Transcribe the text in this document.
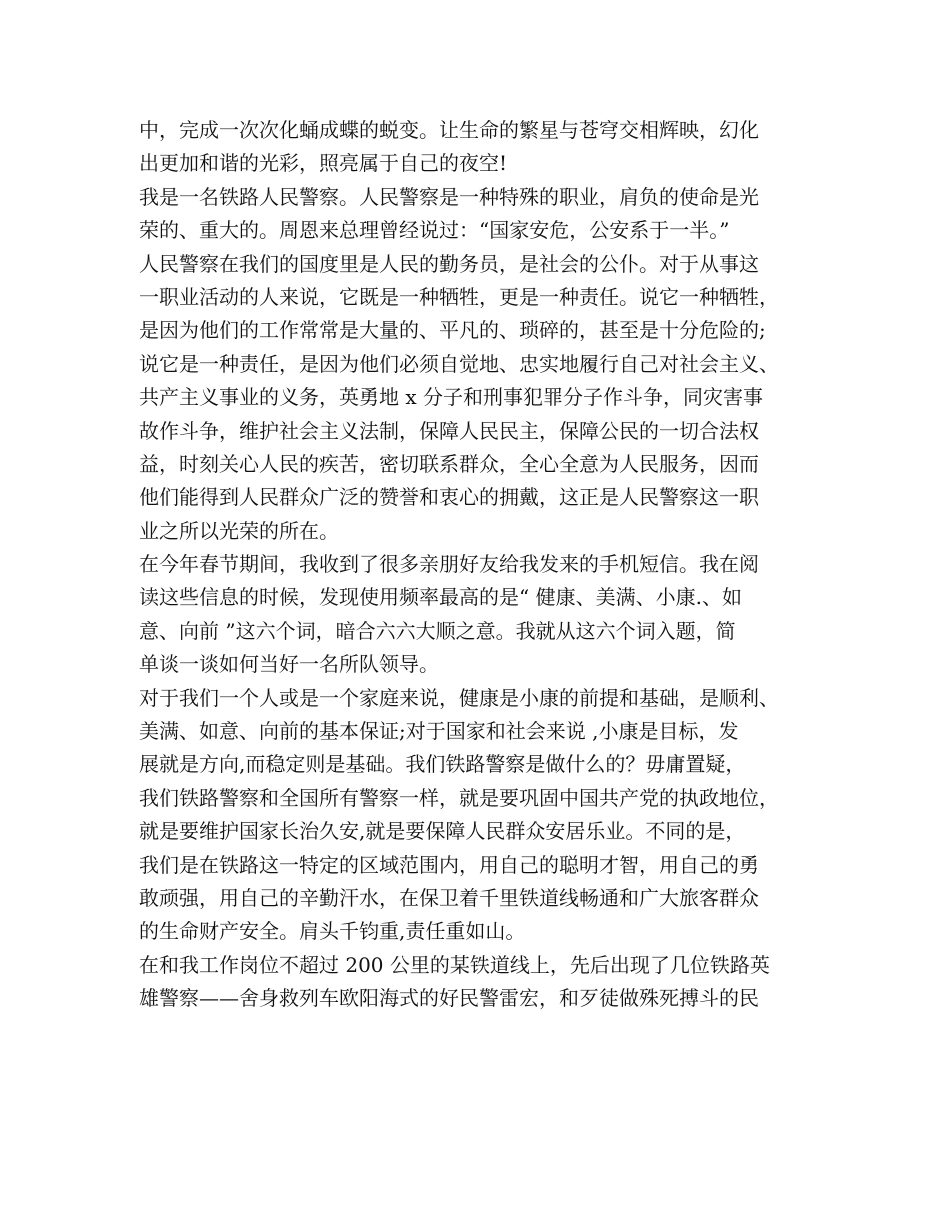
中，完成一次次化蛹成蝶的蜕变。让生命的繁星与苍穹交相辉映，幻化
出更加和谐的光彩，照亮属于自己的夜空!
我是一名铁路人民警察。人民警察是一种特殊的职业，肩负的使命是光
荣的、重大的。周恩来总理曾经说过：“国家安危，公安系于一半。”
人民警察在我们的国度里是人民的勤务员，是社会的公仆。对于从事这
一职业活动的人来说，它既是一种牺牲，更是一种责任。说它一种牺牲，
是因为他们的工作常常是大量的、平凡的、琐碎的，甚至是十分危险的;
说它是一种责任，是因为他们必须自觉地、忠实地履行自己对社会主义、
共产主义事业的义务，英勇地 x 分子和刑事犯罪分子作斗争，同灾害事
故作斗争，维护社会主义法制，保障人民民主，保障公民的一切合法权
益，时刻关心人民的疾苦，密切联系群众，全心全意为人民服务，因而
他们能得到人民群众广泛的赞誉和衷心的拥戴，这正是人民警察这一职
业之所以光荣的所在。
在今年春节期间，我收到了很多亲朋好友给我发来的手机短信。我在阅
读这些信息的时候，发现使用频率最高的是“ 健康、美满、小康.、如
意、向前 ”这六个词，暗合六六大顺之意。我就从这六个词入题，简
单谈一谈如何当好一名所队领导。
对于我们一个人或是一个家庭来说，健康是小康的前提和基础，是顺利、
美满、如意、向前的基本保证;对于国家和社会来说 ,小康是目标，发
展就是方向,而稳定则是基础。我们铁路警察是做什么的？毋庸置疑，
我们铁路警察和全国所有警察一样，就是要巩固中国共产党的执政地位，
就是要维护国家长治久安,就是要保障人民群众安居乐业。不同的是，
我们是在铁路这一特定的区域范围内，用自己的聪明才智，用自己的勇
敢顽强，用自己的辛勤汗水，在保卫着千里铁道线畅通和广大旅客群众
的生命财产安全。肩头千钧重,责任重如山。
在和我工作岗位不超过 200 公里的某铁道线上，先后出现了几位铁路英
雄警察——舍身救列车欧阳海式的好民警雷宏，和歹徒做殊死搏斗的民
